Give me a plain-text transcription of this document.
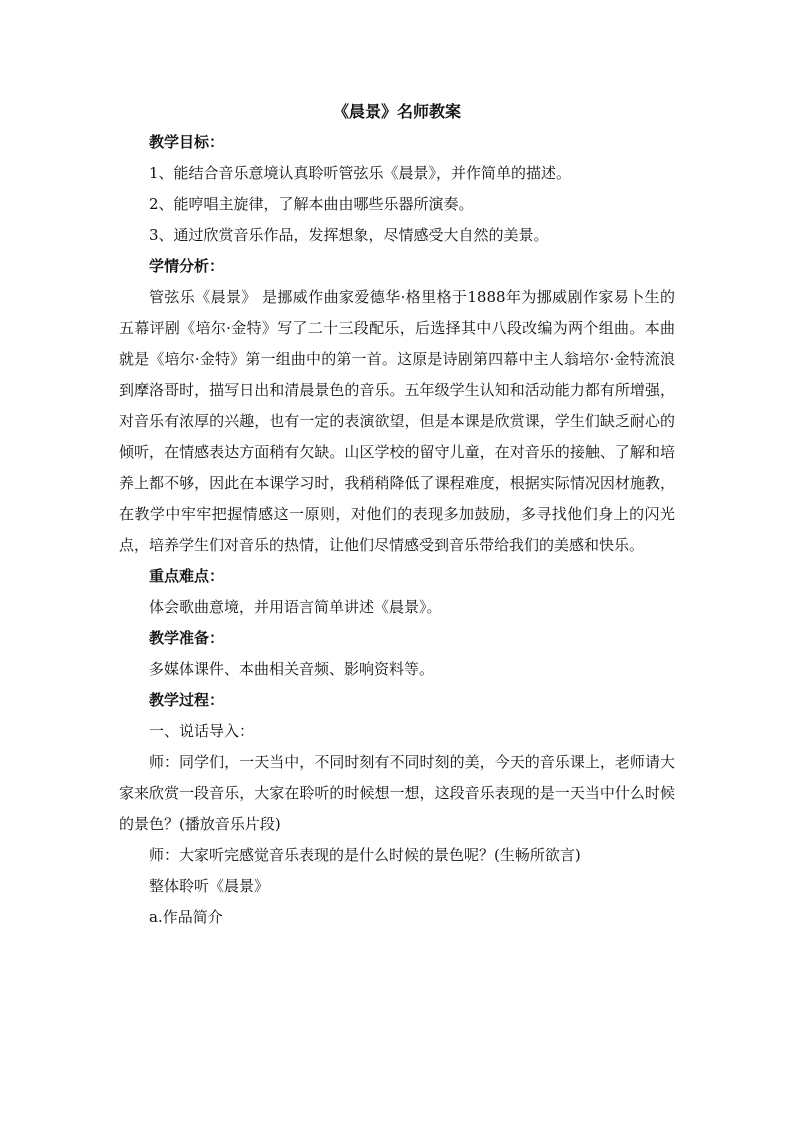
《晨景》名师教案

教学目标：

1、能结合音乐意境认真聆听管弦乐《晨景》，并作简单的描述。

2、能哼唱主旋律，了解本曲由哪些乐器所演奏。

3、通过欣赏音乐作品，发挥想象，尽情感受大自然的美景。

学情分析：

管弦乐《晨景》 是挪威作曲家爱德华·格里格于1888年为挪威剧作家易卜生的五幕评剧《培尔·金特》写了二十三段配乐，后选择其中八段改编为两个组曲。本曲就是《培尔·金特》第一组曲中的第一首。这原是诗剧第四幕中主人翁培尔·金特流浪到摩洛哥时，描写日出和清晨景色的音乐。五年级学生认知和活动能力都有所增强，对音乐有浓厚的兴趣，也有一定的表演欲望，但是本课是欣赏课，学生们缺乏耐心的倾听，在情感表达方面稍有欠缺。山区学校的留守儿童，在对音乐的接触、了解和培养上都不够，因此在本课学习时，我稍稍降低了课程难度，根据实际情况因材施教，在教学中牢牢把握情感这一原则，对他们的表现多加鼓励，多寻找他们身上的闪光点，培养学生们对音乐的热情，让他们尽情感受到音乐带给我们的美感和快乐。

重点难点：

体会歌曲意境，并用语言简单讲述《晨景》。

教学准备：

多媒体课件、本曲相关音频、影响资料等。

教学过程：

一、说话导入：

师：同学们，一天当中，不同时刻有不同时刻的美，今天的音乐课上，老师请大家来欣赏一段音乐，大家在聆听的时候想一想，这段音乐表现的是一天当中什么时候的景色？(播放音乐片段)

师：大家听完感觉音乐表现的是什么时候的景色呢？(生畅所欲言)

整体聆听《晨景》

a.作品简介
